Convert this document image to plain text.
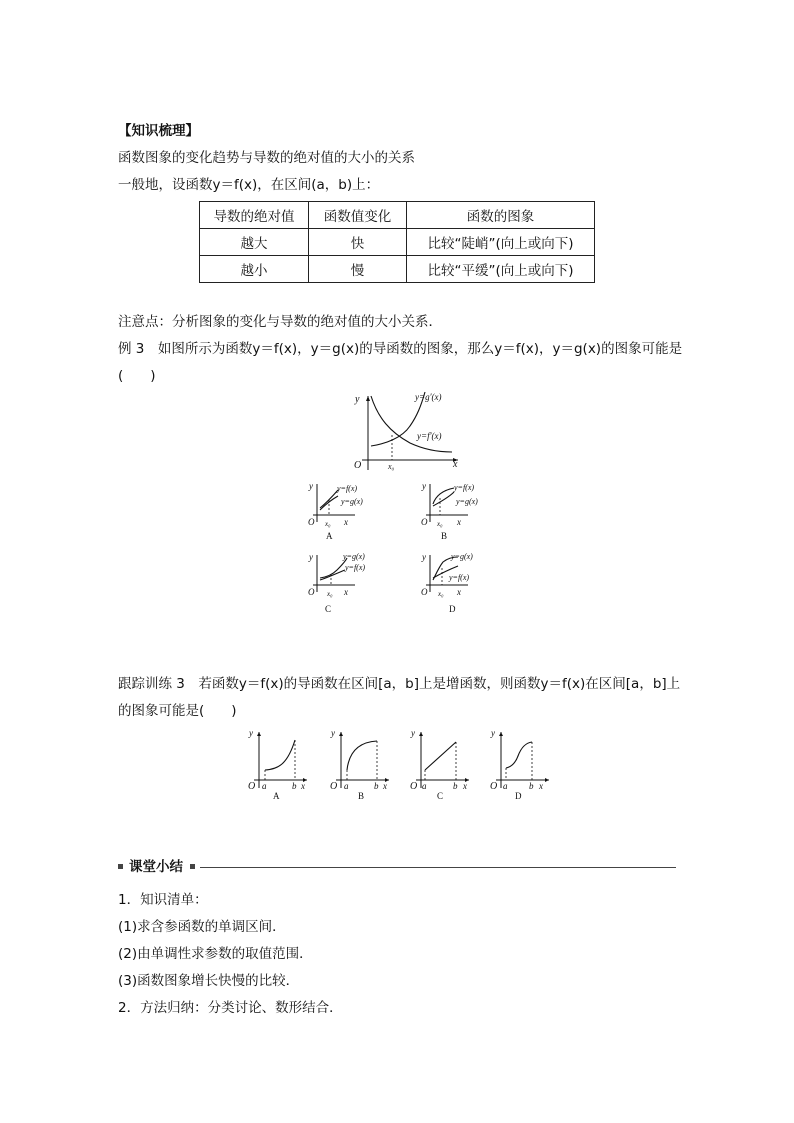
【知识梳理】
函数图象的变化趋势与导数的绝对值的大小的关系
一般地，设函数y＝f(x)，在区间(a，b)上：
导数的绝对值	函数值变化	函数的图象
越大	快	比较“陡峭”(向上或向下)
越小	慢	比较“平缓”(向上或向下)
注意点：分析图象的变化与导数的绝对值的大小关系．
例 3　如图所示为函数y＝f(x)，y＝g(x)的导函数的图象，那么y＝f(x)，y＝g(x)的图象可能是
(　　)
y
x
O	x₀
y=g′(x)
y=f′(x)
y
O x₀ x
y=f(x)
y=g(x)
A
y
O x₀ x
y=f(x)
y=g(x)
B
y
O x₀ x
y=g(x)
y=f(x)
C
y
O x₀ x
y=g(x)
y=f(x)
D
跟踪训练 3　若函数y＝f(x)的导函数在区间[a，b]上是增函数，则函数y＝f(x)在区间[a，b]上
的图象可能是(　　)
y
O a	b x
A
y
O a	b x
B
y
O a	b x
C
y
O a b x
D
课堂小结
1．知识清单：
(1)求含参函数的单调区间．
(2)由单调性求参数的取值范围．
(3)函数图象增长快慢的比较．
2．方法归纳：分类讨论、数形结合．
